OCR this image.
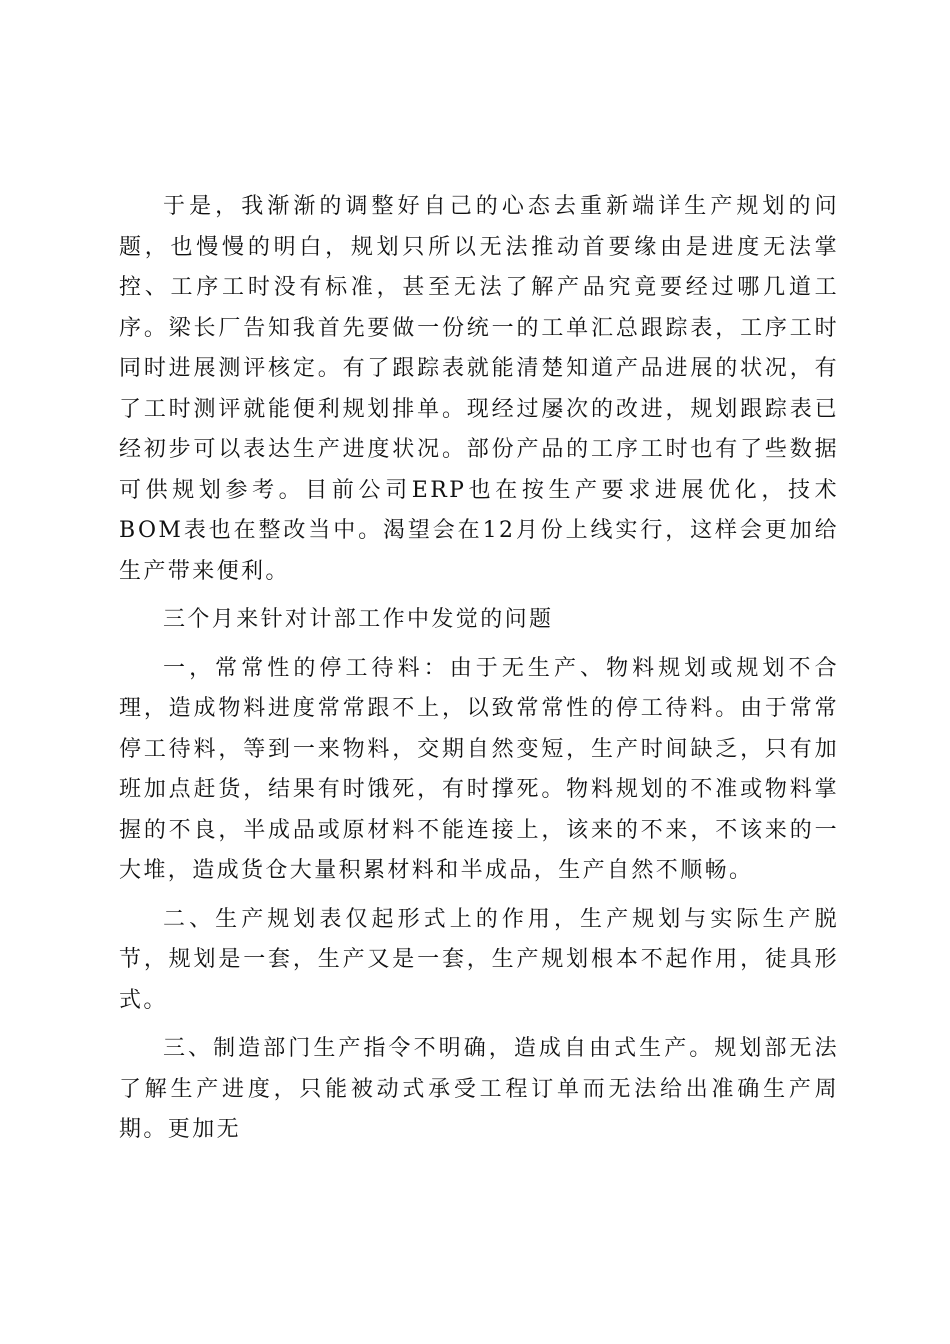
于是，我渐渐的调整好自己的心态去重新端详生产规划的问题，也慢慢的明白，规划只所以无法推动首要缘由是进度无法掌控、工序工时没有标准，甚至无法了解产品究竟要经过哪几道工序。梁长厂告知我首先要做一份统一的工单汇总跟踪表，工序工时同时进展测评核定。有了跟踪表就能清楚知道产品进展的状况，有了工时测评就能便利规划排单。现经过屡次的改进，规划跟踪表已经初步可以表达生产进度状况。部份产品的工序工时也有了些数据可供规划参考。目前公司ERP也在按生产要求进展优化，技术BOM表也在整改当中。渴望会在12月份上线实行，这样会更加给生产带来便利。

三个月来针对计部工作中发觉的问题

一，常常性的停工待料：由于无生产、物料规划或规划不合理，造成物料进度常常跟不上，以致常常性的停工待料。由于常常停工待料，等到一来物料，交期自然变短，生产时间缺乏，只有加班加点赶货，结果有时饿死，有时撑死。物料规划的不准或物料掌握的不良，半成品或原材料不能连接上，该来的不来，不该来的一大堆，造成货仓大量积累材料和半成品，生产自然不顺畅。

二、生产规划表仅起形式上的作用，生产规划与实际生产脱节，规划是一套，生产又是一套，生产规划根本不起作用，徒具形式。

三、制造部门生产指令不明确，造成自由式生产。规划部无法了解生产进度，只能被动式承受工程订单而无法给出准确生产周期。更加无
